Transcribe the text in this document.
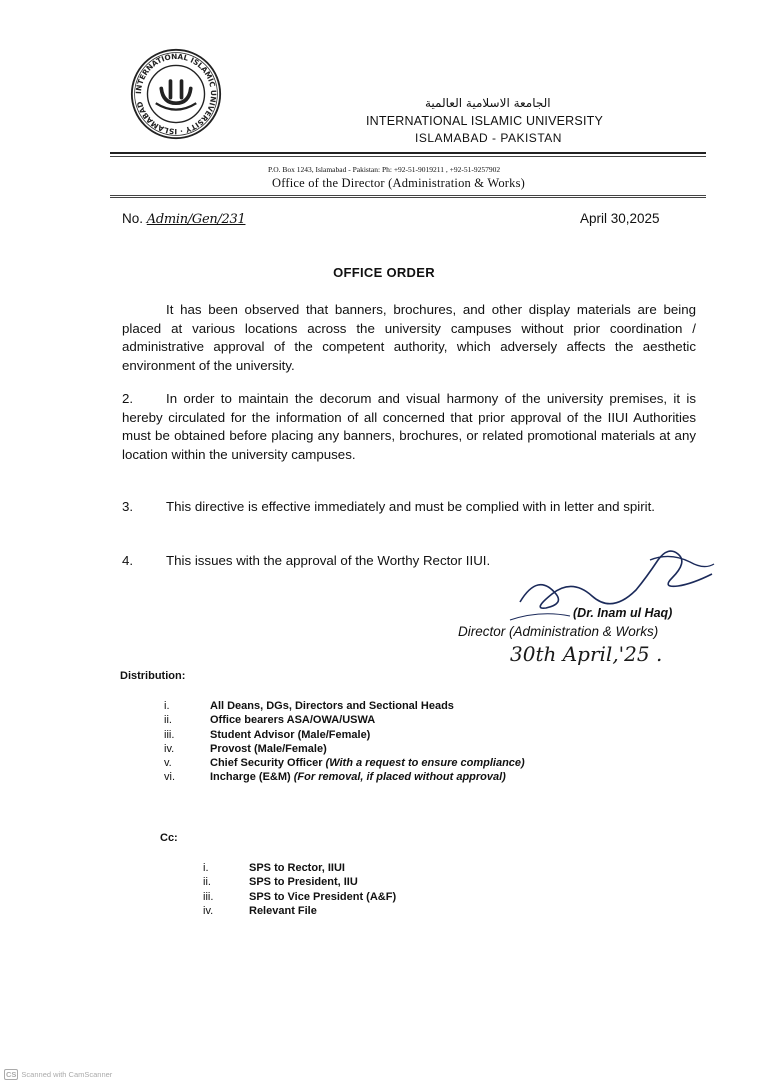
INTERNATIONAL ISLAMIC UNIVERSITY · ISLAMABAD	الجامعة الاسلامية العالمية
INTERNATIONAL ISLAMIC UNIVERSITY
ISLAMABAD - PAKISTAN
P.O. Box 1243, Islamabad - Pakistan: Ph: +92-51-9019211 , +92-51-9257902
Office of the Director (Administration & Works)
No. Admin/Gen/231	April 30,2025
OFFICE ORDER
It has been observed that banners, brochures, and other display materials are being placed at various locations across the university campuses without prior coordination / administrative approval of the competent authority, which adversely affects the aesthetic environment of the university.
2. In order to maintain the decorum and visual harmony of the university premises, it is hereby circulated for the information of all concerned that prior approval of the IIUI Authorities must be obtained before placing any banners, brochures, or related promotional materials at any location within the university campuses.
3. This directive is effective immediately and must be complied with in letter and spirit.
4. This issues with the approval of the Worthy Rector IIUI.
(Dr. Inam ul Haq)
Director (Administration & Works)
30th April,'25 .
Distribution:
i.	All Deans, DGs, Directors and Sectional Heads
ii.	Office bearers ASA/OWA/USWA
iii.	Student Advisor (Male/Female)
iv.	Provost (Male/Female)
v.	Chief Security Officer (With a request to ensure compliance)
vi.	Incharge (E&M) (For removal, if placed without approval)
Cc:
i.	SPS to Rector, IIUI
ii.	SPS to President, IIU
iii.	SPS to Vice President (A&F)
iv.	Relevant File
CS Scanned with CamScanner
